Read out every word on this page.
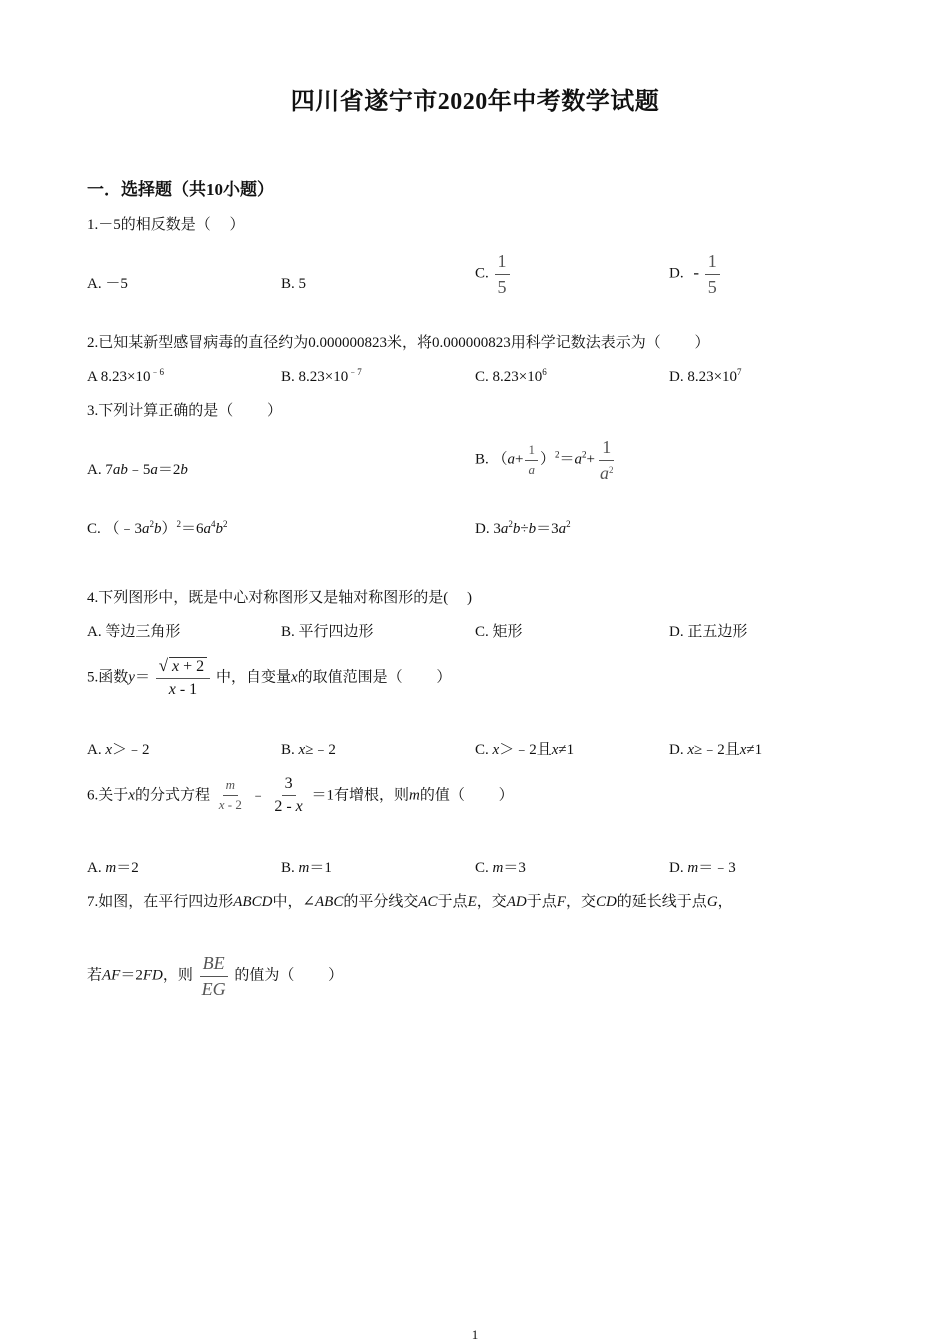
四川省遂宁市2020年中考数学试题
一．选择题（共10小题）
1.－5的相反数是（　 ）
A. －5	B. 5
C. $\frac{1}{5}$	D. - $\frac{1}{5}$
2.已知某新型感冒病毒的直径约为0.000000823米，将0.000000823用科学记数法表示为（　　 ）
A $8.23\times 10^{﹣6}$	B. $8.23\times 10^{﹣7}$	C. $8.23\times 10^6$	D. $8.23\times 10^7$
3.下列计算正确的是（　　 ）
A. 7ab﹣5a＝2b
B. $(a+ \frac{1}{a} )^2=a^2+ \frac{1}{a^2}$
C. $(﹣3a^2b)^2=6a^4b^2$	D. $3a^2b\div b=3a^2$
4.下列图形中，既是中心对称图形又是轴对称图形的是(　 )
A. 等边三角形	B. 平行四边形	C. 矩形	D. 正五边形
5.函数$y= \frac{√ x + 2}{x - 1}$ 中，自变量x的取值范围是（　　 ）
A. x＞﹣2	B. x≥﹣2	C. x＞﹣2且x≠1	D. x≥﹣2且x≠1
6.关于x的分式方程 $\frac{m}{x - 2}$ ﹣ $\frac{3}{2 - x} =1$有增根，则m的值（　　 ）
A. m＝2	B. m＝1	C. m＝3	D. m＝﹣3
7.如图，在平行四边形ABCD中，∠ABC的平分线交AC于点E，交AD于点F，交CD的延长线于点G，
若AF＝2FD，则 $\frac{BE}{EG}$ 的值为（　　 ）
1
